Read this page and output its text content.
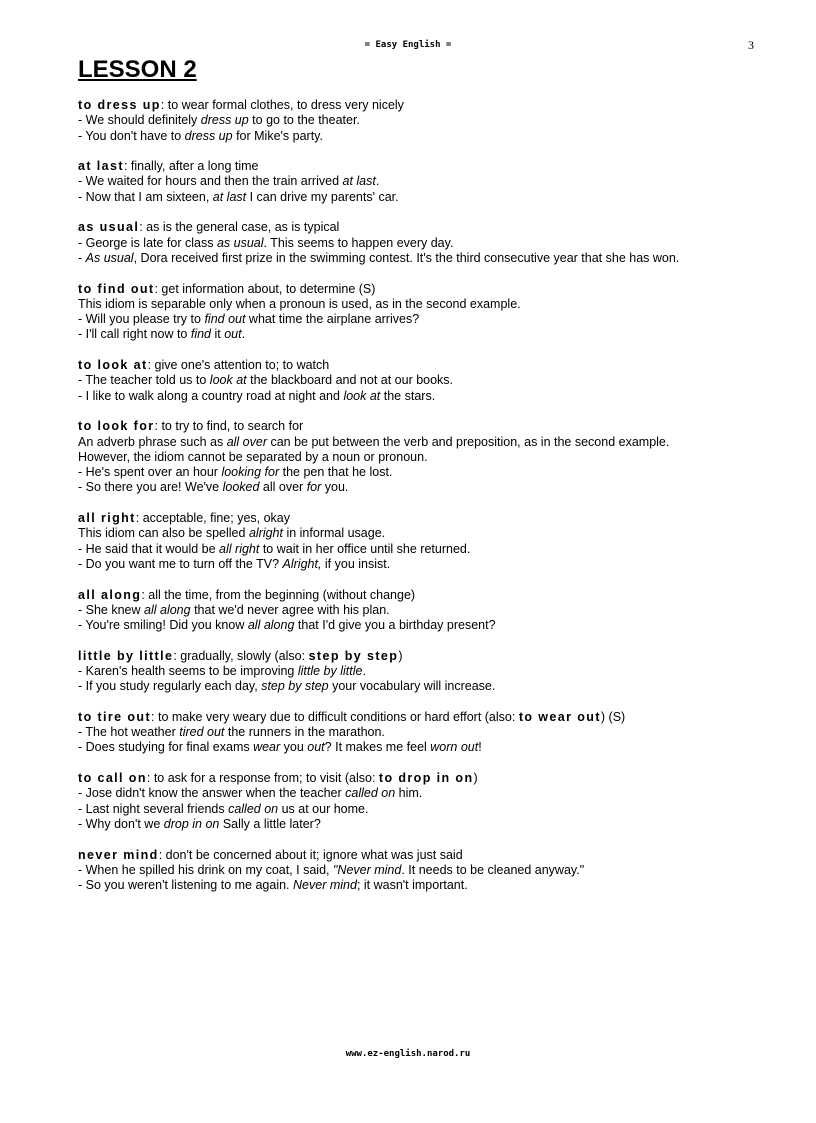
= Easy English =	3
LESSON 2
to dress up: to wear formal clothes, to dress very nicely
- We should definitely dress up to go to the theater.
- You don't have to dress up for Mike's party.
at last: finally, after a long time
- We waited for hours and then the train arrived at last.
- Now that I am sixteen, at last I can drive my parents' car.
as usual: as is the general case, as is typical
- George is late for class as usual. This seems to happen every day.
- As usual, Dora received first prize in the swimming contest. It's the third consecutive year that she has won.
to find out: get information about, to determine (S)
This idiom is separable only when a pronoun is used, as in the second example.
- Will you please try to find out what time the airplane arrives?
- I'll call right now to find it out.
to look at: give one's attention to; to watch
- The teacher told us to look at the blackboard and not at our books.
- I like to walk along a country road at night and look at the stars.
to look for: to try to find, to search for
An adverb phrase such as all over can be put between the verb and preposition, as in the second example.
However, the idiom cannot be separated by a noun or pronoun.
- He's spent over an hour looking for the pen that he lost.
- So there you are! We've looked all over for you.
all right: acceptable, fine; yes, okay
This idiom can also be spelled alright in informal usage.
- He said that it would be all right to wait in her office until she returned.
- Do you want me to turn off the TV? Alright, if you insist.
all along: all the time, from the beginning (without change)
- She knew all along that we'd never agree with his plan.
- You're smiling! Did you know all along that I'd give you a birthday present?
little by little: gradually, slowly (also: step by step)
- Karen's health seems to be improving little by little.
- If you study regularly each day, step by step your vocabulary will increase.
to tire out: to make very weary due to difficult conditions or hard effort (also: to wear out) (S)
- The hot weather tired out the runners in the marathon.
- Does studying for final exams wear you out? It makes me feel worn out!
to call on: to ask for a response from; to visit (also: to drop in on)
- Jose didn't know the answer when the teacher called on him.
- Last night several friends called on us at our home.
- Why don't we drop in on Sally a little later?
never mind: don't be concerned about it; ignore what was just said
- When he spilled his drink on my coat, I said, "Never mind. It needs to be cleaned anyway."
- So you weren't listening to me again. Never mind; it wasn't important.
www.ez-english.narod.ru
